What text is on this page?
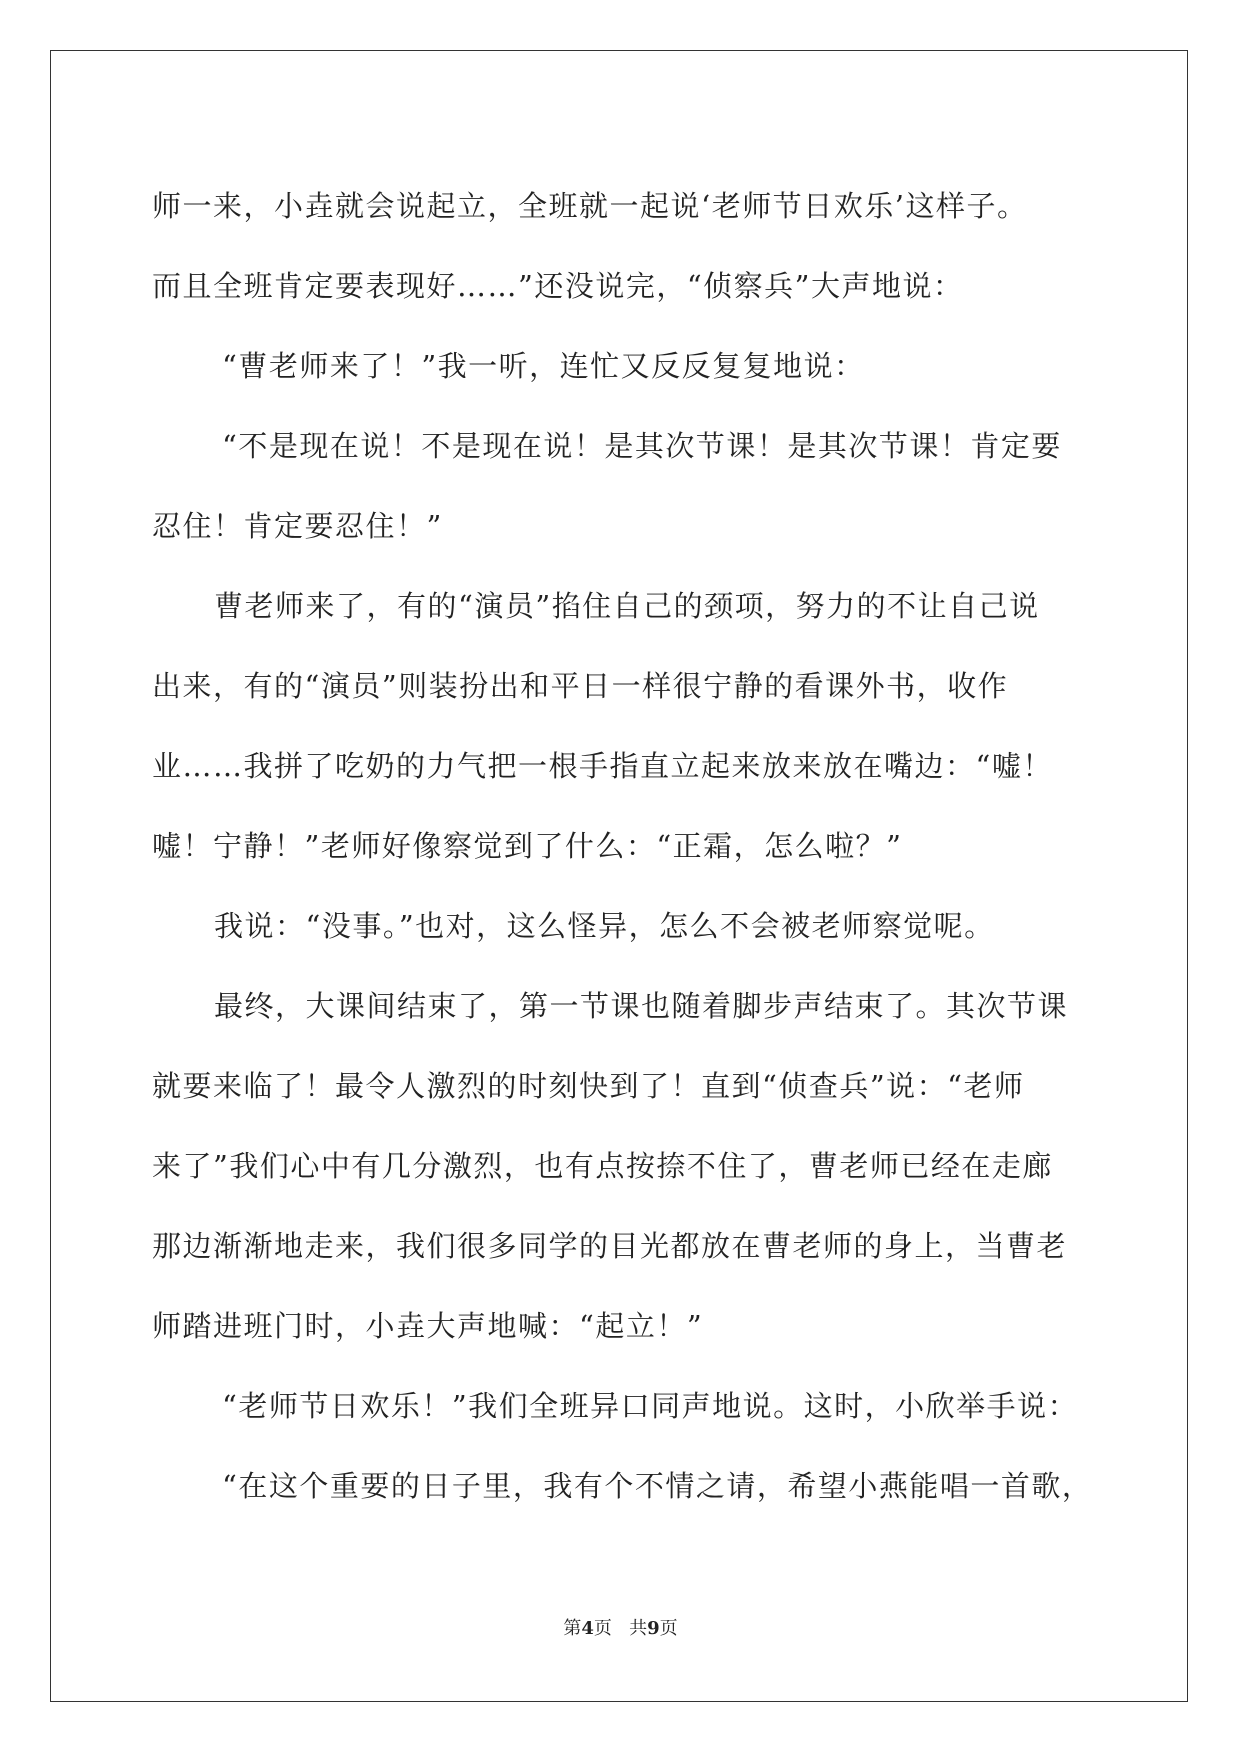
师一来，小垚就会说起立，全班就一起说‘老师节日欢乐’这样子。
而且全班肯定要表现好……”还没说完，“侦察兵”大声地说：
“曹老师来了！”我一听，连忙又反反复复地说：
“不是现在说！不是现在说！是其次节课！是其次节课！肯定要
忍住！肯定要忍住！”
曹老师来了，有的“演员”掐住自己的颈项，努力的不让自己说
出来，有的“演员”则装扮出和平日一样很宁静的看课外书，收作
业……我拼了吃奶的力气把一根手指直立起来放来放在嘴边：“嘘！
嘘！宁静！”老师好像察觉到了什么：“正霜，怎么啦？”
我说：“没事。”也对，这么怪异，怎么不会被老师察觉呢。
最终，大课间结束了，第一节课也随着脚步声结束了。其次节课
就要来临了！最令人激烈的时刻快到了！直到“侦查兵”说：“老师
来了”我们心中有几分激烈，也有点按捺不住了，曹老师已经在走廊
那边渐渐地走来，我们很多同学的目光都放在曹老师的身上，当曹老
师踏进班门时，小垚大声地喊：“起立！”
“老师节日欢乐！”我们全班异口同声地说。这时，小欣举手说：
“在这个重要的日子里，我有个不情之请，希望小燕能唱一首歌，
第4页 共9页
